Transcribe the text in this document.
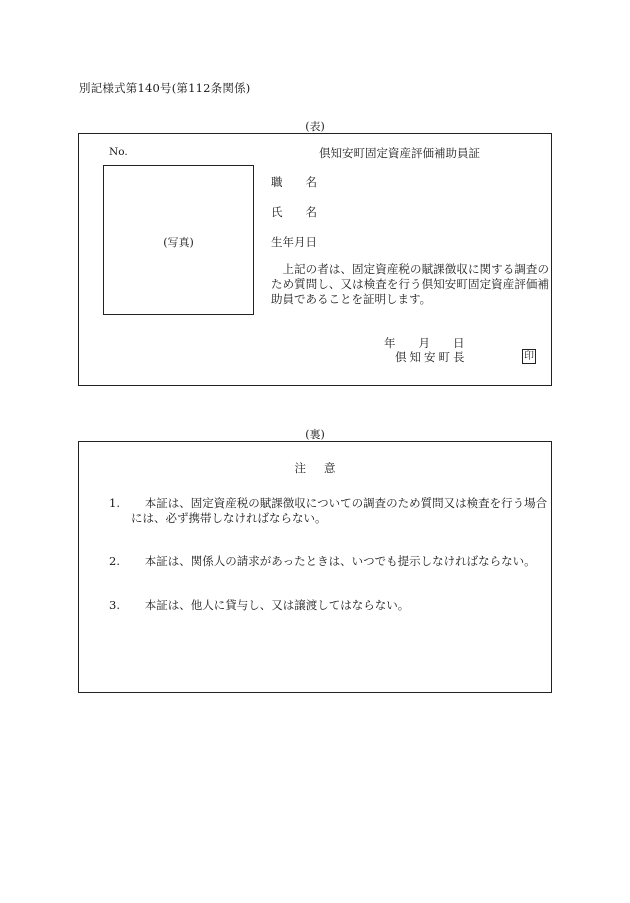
別記様式第140号(第112条関係)
(表)
No.	倶知安町固定資産評価補助員証
(写真)
職　　名
氏　　名
生年月日
上記の者は、固定資産税の賦課徴収に関する調査のため質問し、又は検査を行う倶知安町固定資産評価補助員であることを証明します。
年　　月　　日
倶知安町長	印
(裏)
注意
1.	本証は、固定資産税の賦課徴収についての調査のため質問又は検査を行う場合には、必ず携帯しなければならない。
2.	本証は、関係人の請求があったときは、いつでも提示しなければならない。
3.	本証は、他人に貸与し、又は譲渡してはならない。
